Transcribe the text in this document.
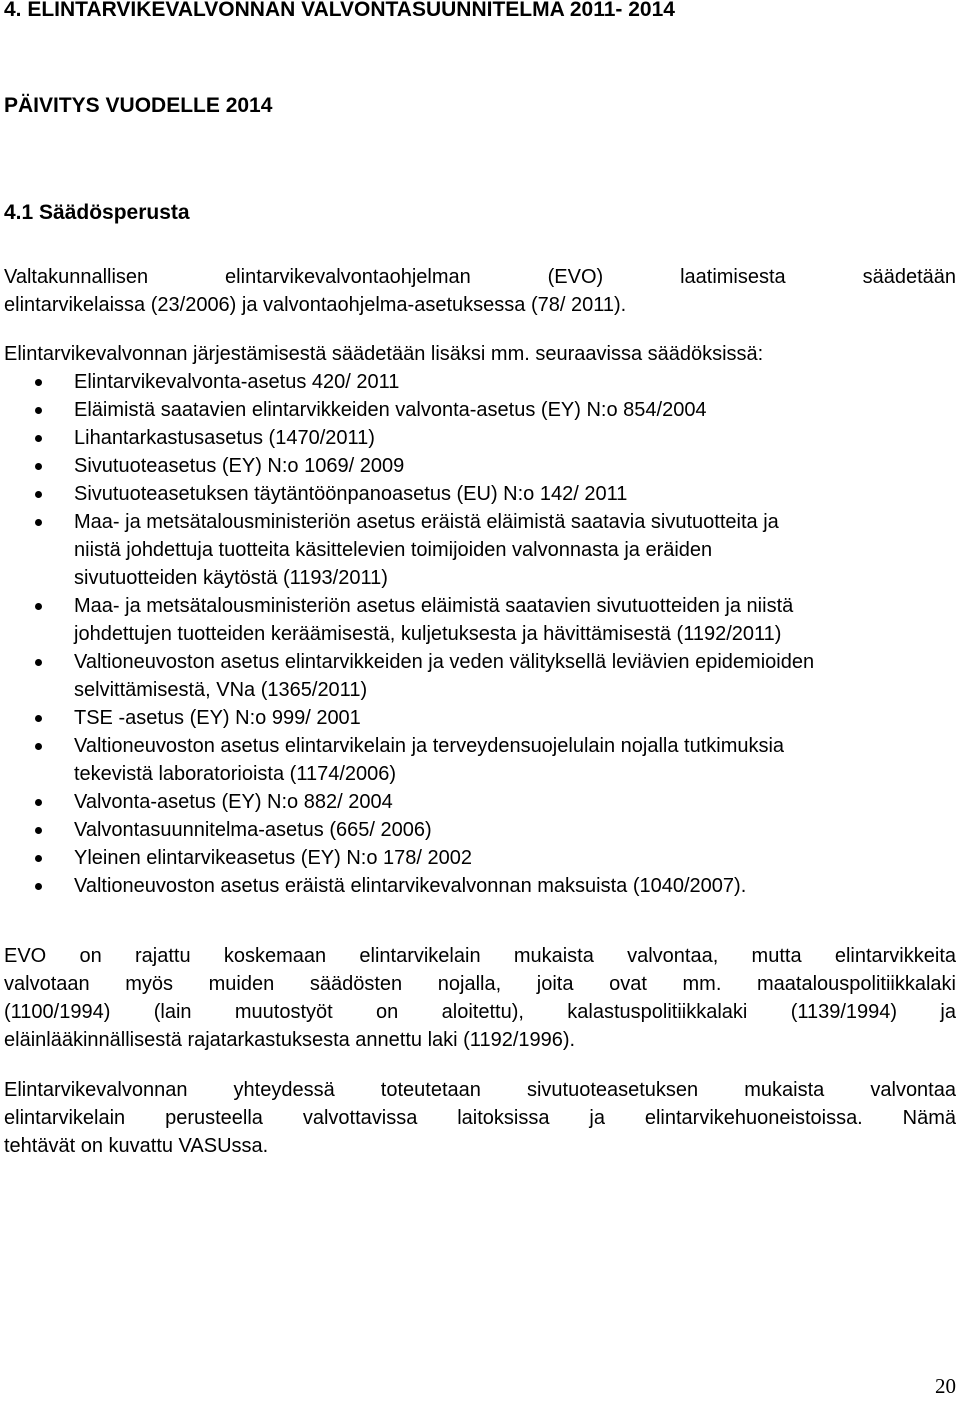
4. ELINTARVIKEVALVONNAN VALVONTASUUNNITELMA 2011- 2014
PÄIVITYS VUODELLE 2014
4.1 Säädösperusta
Valtakunnallisen elintarvikevalvontaohjelman (EVO) laatimisesta säädetään
elintarvikelaissa (23/2006) ja valvontaohjelma-asetuksessa (78/ 2011).
Elintarvikevalvonnan järjestämisestä säädetään lisäksi mm. seuraavissa säädöksissä:
Elintarvikevalvonta-asetus 420/ 2011
Eläimistä saatavien elintarvikkeiden valvonta-asetus (EY) N:o 854/2004
Lihantarkastusasetus (1470/2011)
Sivutuoteasetus (EY) N:o 1069/ 2009
Sivutuoteasetuksen täytäntöönpanoasetus (EU) N:o 142/ 2011
Maa- ja metsätalousministeriön asetus eräistä eläimistä saatavia sivutuotteita ja
niistä johdettuja tuotteita käsittelevien toimijoiden valvonnasta ja eräiden
sivutuotteiden käytöstä (1193/2011)
Maa- ja metsätalousministeriön asetus eläimistä saatavien sivutuotteiden ja niistä
johdettujen tuotteiden keräämisestä, kuljetuksesta ja hävittämisestä (1192/2011)
Valtioneuvoston asetus elintarvikkeiden ja veden välityksellä leviävien epidemioiden
selvittämisestä, VNa (1365/2011)
TSE -asetus (EY) N:o 999/ 2001
Valtioneuvoston asetus elintarvikelain ja terveydensuojelulain nojalla tutkimuksia
tekevistä laboratorioista (1174/2006)
Valvonta-asetus (EY) N:o 882/ 2004
Valvontasuunnitelma-asetus (665/ 2006)
Yleinen elintarvikeasetus (EY) N:o 178/ 2002
Valtioneuvoston asetus eräistä elintarvikevalvonnan maksuista (1040/2007).
EVO on rajattu koskemaan elintarvikelain mukaista valvontaa, mutta elintarvikkeita
valvotaan myös muiden säädösten nojalla, joita ovat mm. maatalouspolitiikkalaki
(1100/1994) (lain muutostyöt on aloitettu), kalastuspolitiikkalaki (1139/1994) ja
eläinlääkinnällisestä rajatarkastuksesta annettu laki (1192/1996).
Elintarvikevalvonnan yhteydessä toteutetaan sivutuoteasetuksen mukaista valvontaa
elintarvikelain perusteella valvottavissa laitoksissa ja elintarvikehuoneistoissa. Nämä
tehtävät on kuvattu VASUssa.
20
